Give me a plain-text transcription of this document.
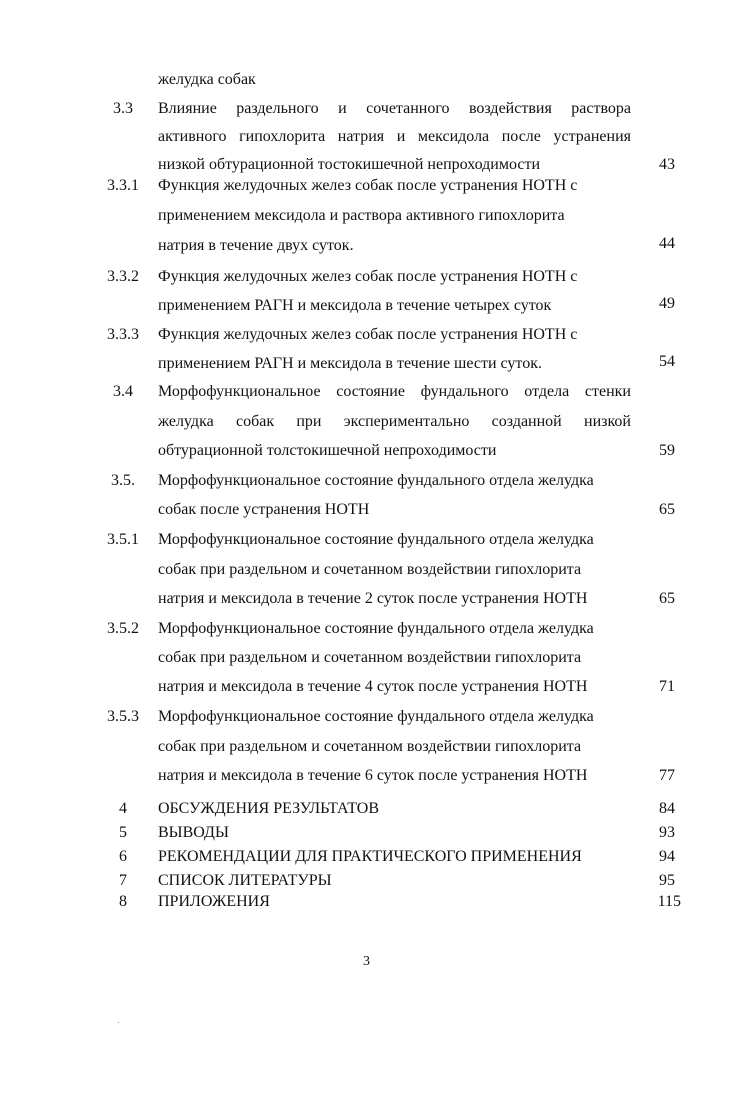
желудка собак
3.3	Влияние раздельного и сочетанного воздействия раствора
активного гипохлорита натрия и мексидола после устранения
низкой обтурационной тостокишечной непроходимости	43
3.3.1	Функция желудочных желез собак после устранения НОТН с
применением мексидола и раствора активного гипохлорита
натрия в течение двух суток.	44
3.3.2	Функция желудочных желез собак после устранения НОТН с
применением РАГН и мексидола в течение четырех суток	49
3.3.3	Функция желудочных желез собак после устранения НОТН с
применением РАГН и мексидола в течение шести суток.	54
3.4	Морфофункциональное состояние фундального отдела стенки
желудка собак при экспериментально созданной низкой
обтурационной толстокишечной непроходимости	59
3.5.	Морфофункциональное состояние фундального отдела желудка
собак после устранения НОТН	65
3.5.1	Морфофункциональное состояние фундального отдела желудка
собак при раздельном и сочетанном воздействии гипохлорита
натрия и мексидола в течение 2 суток после устранения НОТН	65
3.5.2	Морфофункциональное состояние фундального отдела желудка
собак при раздельном и сочетанном воздействии гипохлорита
натрия и мексидола в течение 4 суток после устранения НОТН	71
3.5.3	Морфофункциональное состояние фундального отдела желудка
собак при раздельном и сочетанном воздействии гипохлорита
натрия и мексидола в течение 6 суток после устранения НОТН	77
4	ОБСУЖДЕНИЯ РЕЗУЛЬТАТОВ	84
5	ВЫВОДЫ	93
6	РЕКОМЕНДАЦИИ ДЛЯ ПРАКТИЧЕСКОГО ПРИМЕНЕНИЯ	94
7	СПИСОК ЛИТЕРАТУРЫ	95
8	ПРИЛОЖЕНИЯ	115
3
